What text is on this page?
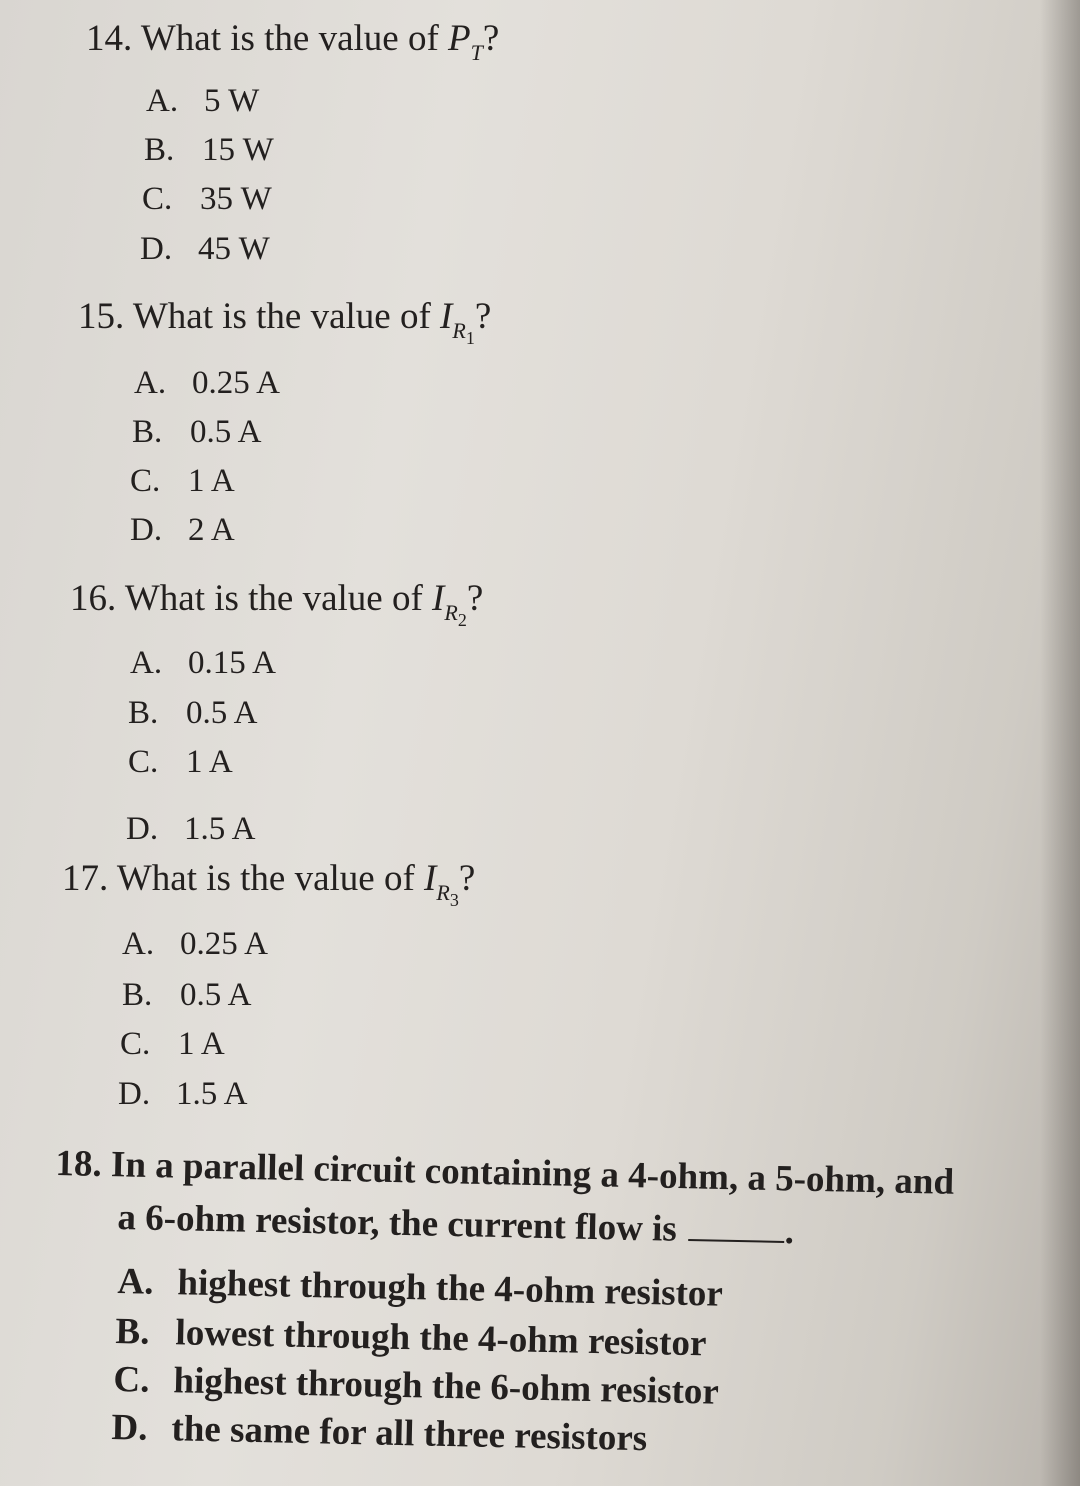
14. What is the value of $P_T$?
A. 5 W
B. 15 W
C. 35 W
D. 45 W
15. What is the value of $I_{R_1}$?
A. 0.25 A
B. 0.5 A
C. 1 A
D. 2 A
16. What is the value of $I_{R_2}$?
A. 0.15 A
B. 0.5 A
C. 1 A
D. 1.5 A
17. What is the value of $I_{R_3}$?
A. 0.25 A
B. 0.5 A
C. 1 A
D. 1.5 A
18. In a parallel circuit containing a 4-ohm, a 5-ohm, and
a 6-ohm resistor, the current flow is	.
A. highest through the 4-ohm resistor
B. lowest through the 4-ohm resistor
C. highest through the 6-ohm resistor
D. the same for all three resistors
